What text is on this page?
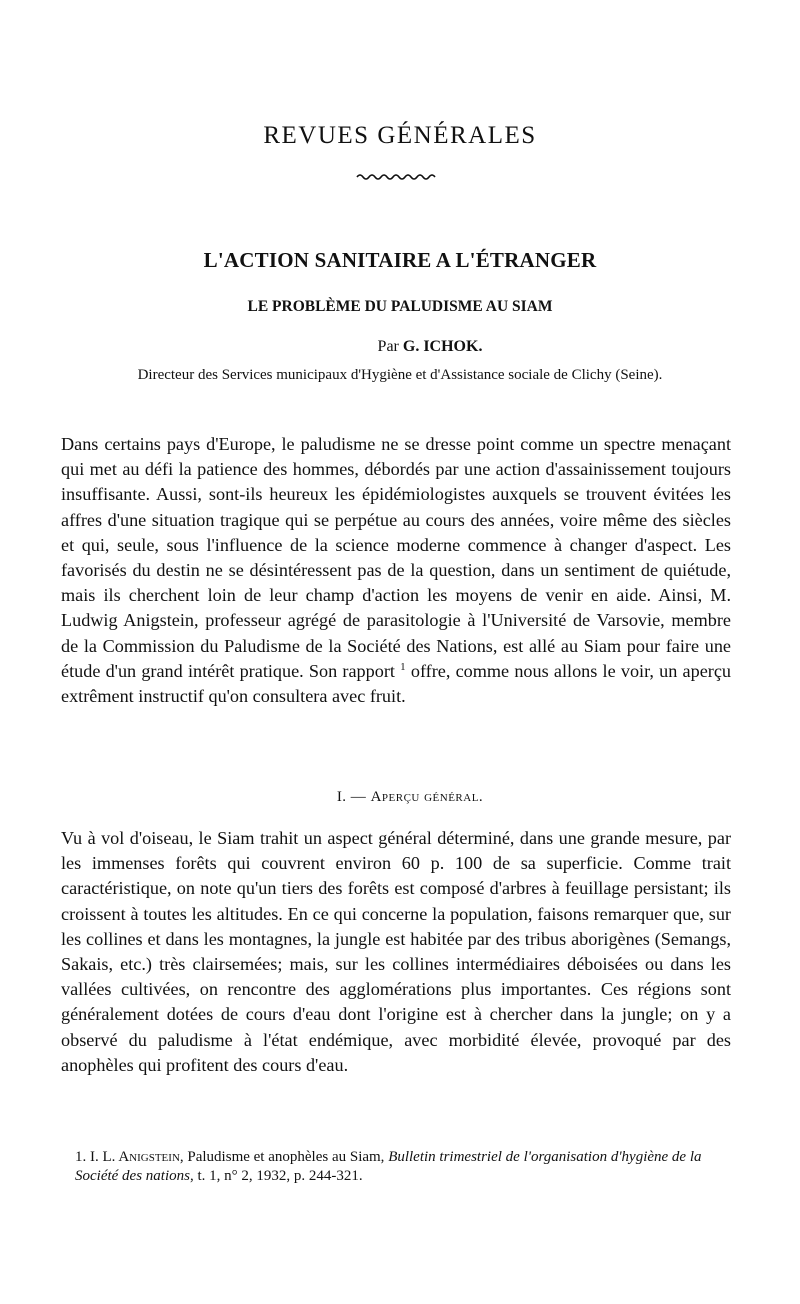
REVUES GÉNÉRALES
L'ACTION SANITAIRE A L'ÉTRANGER
LE PROBLÈME DU PALUDISME AU SIAM

Par G. ICHOK.

Directeur des Services municipaux d'Hygiène et d'Assistance sociale de Clichy (Seine).

Dans certains pays d'Europe, le paludisme ne se dresse point comme un spectre menaçant qui met au défi la patience des hommes, débordés par une action d'assainissement toujours insuffisante. Aussi, sont-ils heureux les épidémiologistes auxquels se trouvent évitées les affres d'une situation tragique qui se perpétue au cours des années, voire même des siècles et qui, seule, sous l'influence de la science moderne commence à changer d'aspect. Les favorisés du destin ne se désintéressent pas de la question, dans un sentiment de quiétude, mais ils cherchent loin de leur champ d'action les moyens de venir en aide. Ainsi, M. Ludwig Anigstein, professeur agrégé de parasitologie à l'Université de Varsovie, membre de la Commission du Paludisme de la Société des Nations, est allé au Siam pour faire une étude d'un grand intérêt pratique. Son rapport $^1$ offre, comme nous allons le voir, un aperçu extrêment instructif qu'on consultera avec fruit.

I. — Aperçu général.

Vu à vol d'oiseau, le Siam trahit un aspect général déterminé, dans une grande mesure, par les immenses forêts qui couvrent environ 60 p. 100 de sa superficie. Comme trait caractéristique, on note qu'un tiers des forêts est composé d'arbres à feuillage persistant; ils croissent à toutes les altitudes. En ce qui concerne la population, faisons remarquer que, sur les collines et dans les montagnes, la jungle est habitée par des tribus aborigènes (Semangs, Sakais, etc.) très clairsemées; mais, sur les collines intermédiaires déboisées ou dans les vallées cultivées, on rencontre des agglomérations plus importantes. Ces régions sont généralement dotées de cours d'eau dont l'origine est à chercher dans la jungle; on y a observé du paludisme à l'état endémique, avec morbidité élevée, provoqué par des anophèles qui profitent des cours d'eau.

1. I. L. Anigstein, Paludisme et anophèles au Siam, Bulletin trimestriel de l'organisation d'hygiène de la Société des nations, t. 1, n° 2, 1932, p. 244-321.
